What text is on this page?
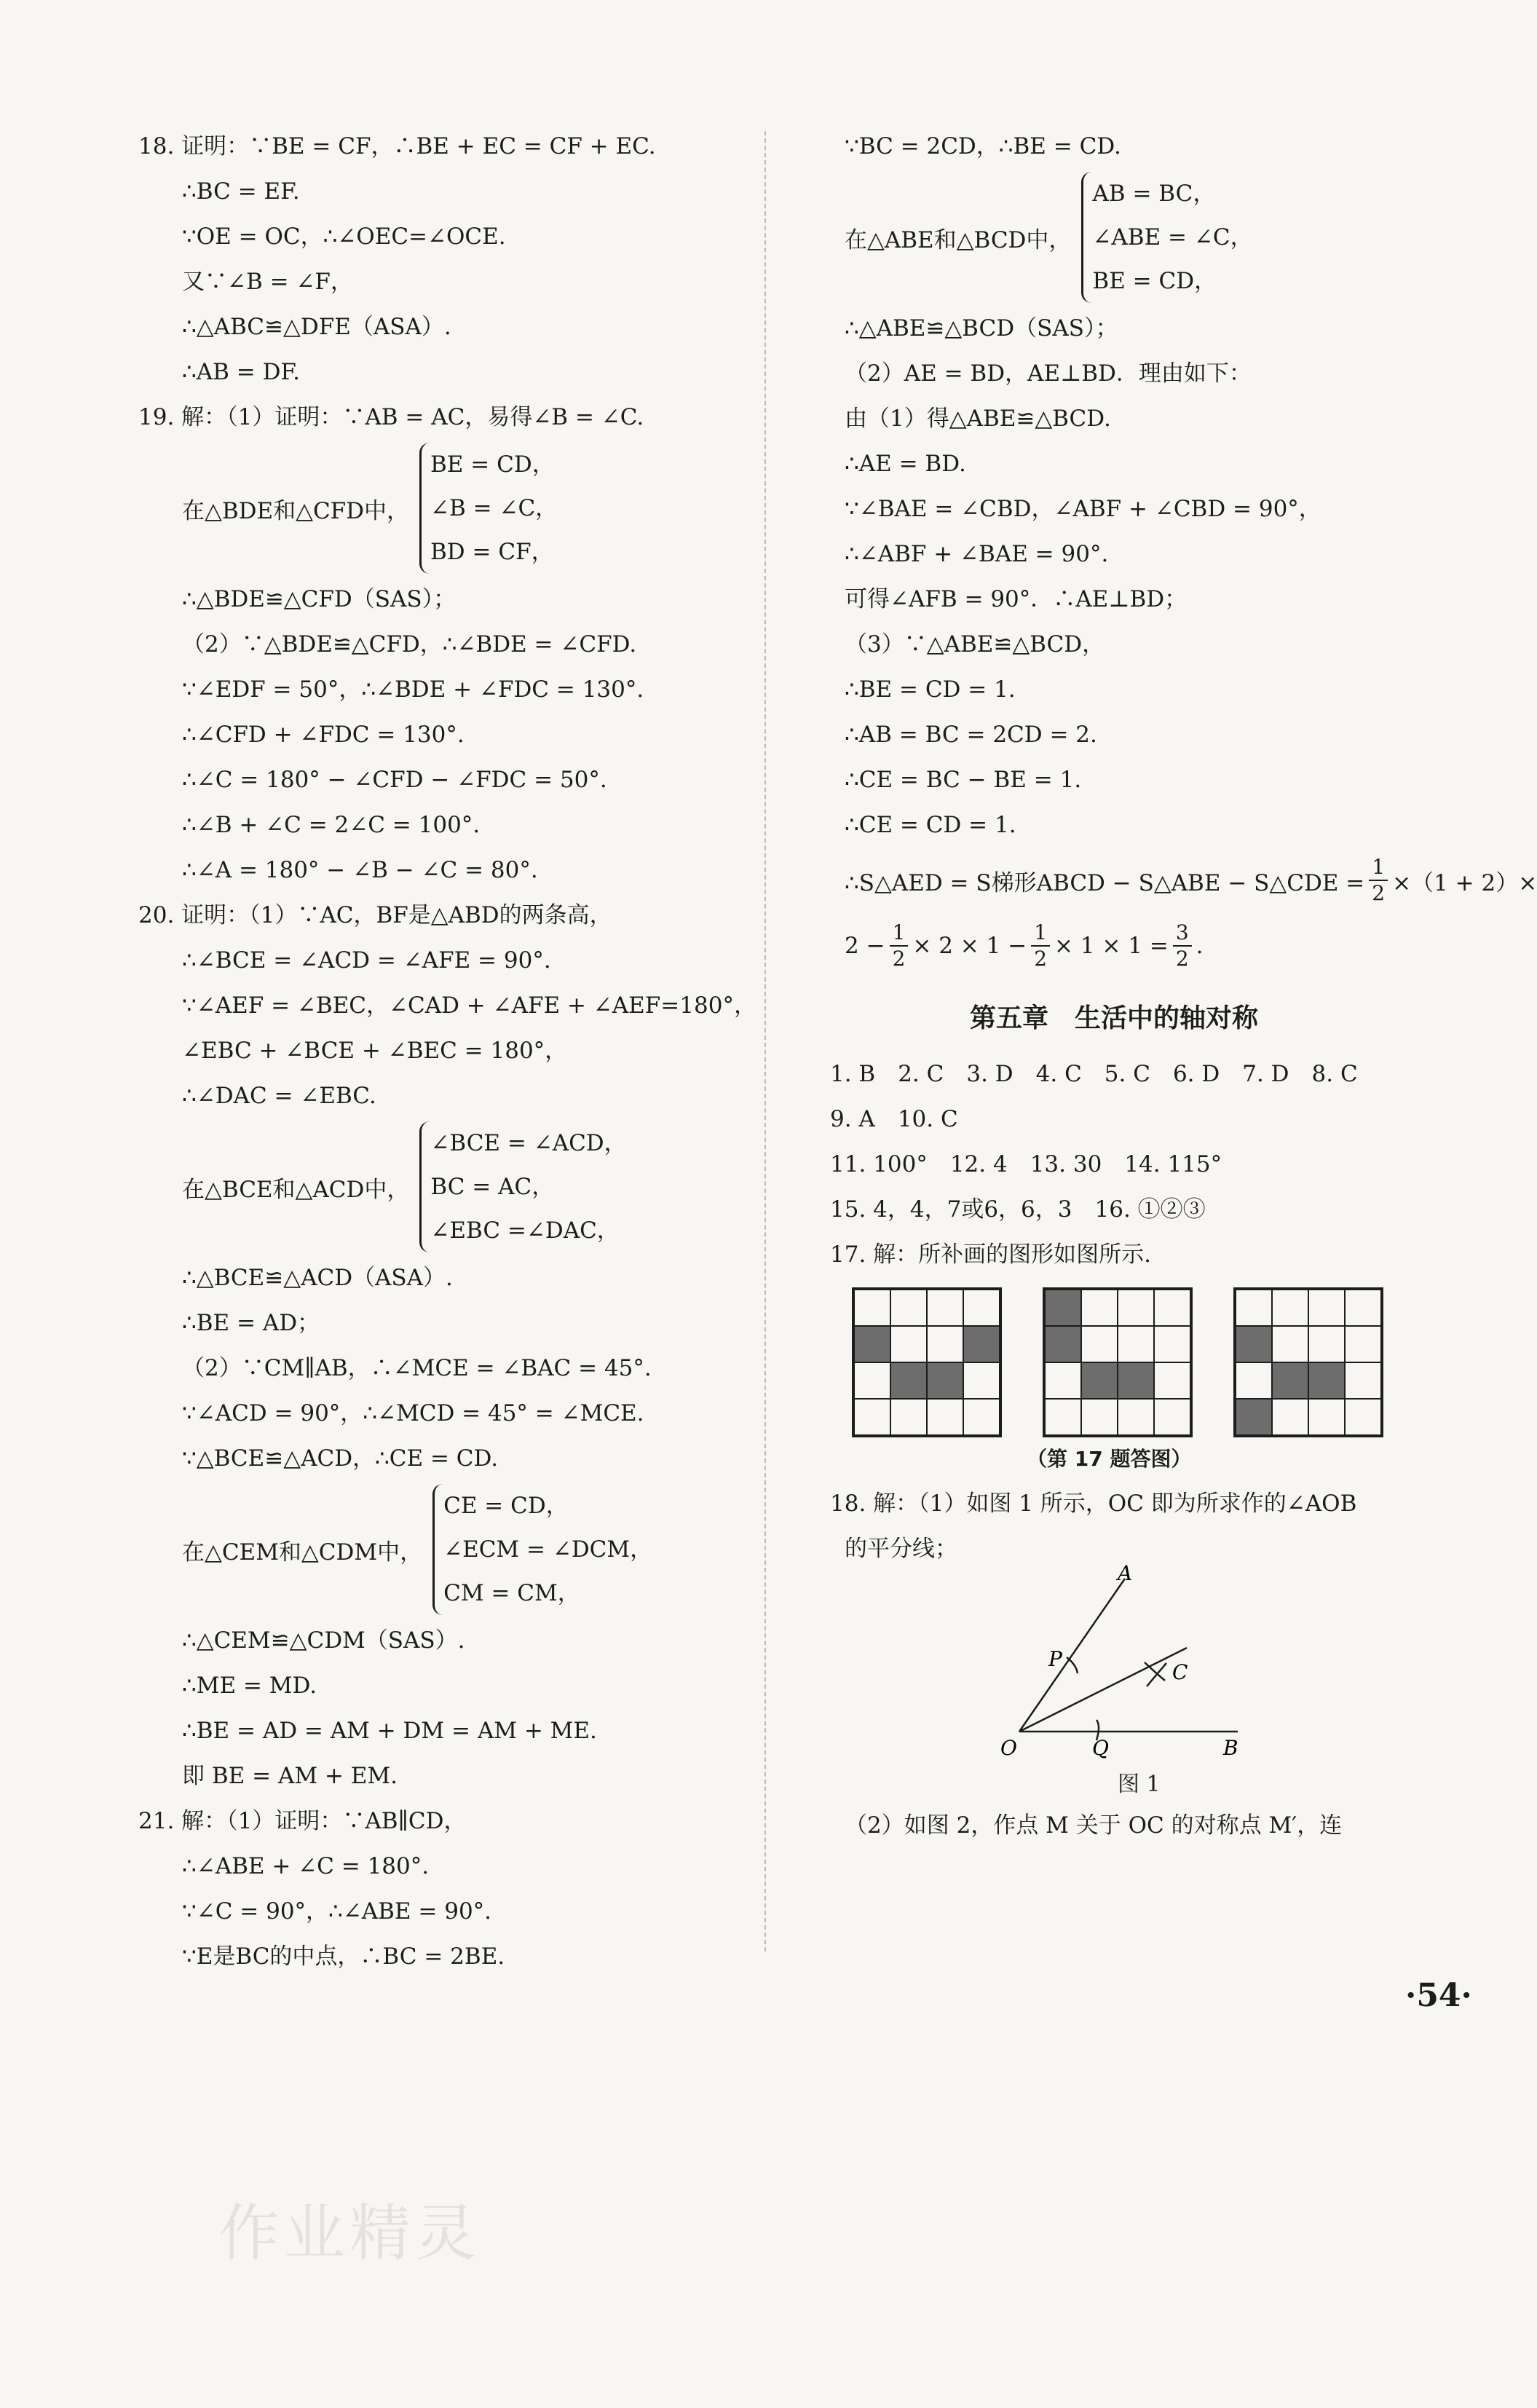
18. 证明：∵BE = CF，∴BE + EC = CF + EC.
∴BC = EF.
∵OE = OC，∴∠OEC=∠OCE.
又∵∠B = ∠F，
∴△ABC≌△DFE（ASA）.
∴AB = DF.
19. 解：（1）证明：∵AB = AC，易得∠B = ∠C.
在△BDE和△CFD中，
BE = CD，
∠B = ∠C，
BD = CF，
∴△BDE≌△CFD（SAS）；
（2）∵△BDE≌△CFD，∴∠BDE = ∠CFD.
∵∠EDF = 50°，∴∠BDE + ∠FDC = 130°.
∴∠CFD + ∠FDC = 130°.
∴∠C = 180° − ∠CFD − ∠FDC = 50°.
∴∠B + ∠C = 2∠C = 100°.
∴∠A = 180° − ∠B − ∠C = 80°.
20. 证明：（1）∵AC，BF是△ABD的两条高，
∴∠BCE = ∠ACD = ∠AFE = 90°.
∵∠AEF = ∠BEC，∠CAD + ∠AFE + ∠AEF=180°，
∠EBC + ∠BCE + ∠BEC = 180°，
∴∠DAC = ∠EBC.
在△BCE和△ACD中，
∠BCE = ∠ACD，
BC = AC，
∠EBC =∠DAC，
∴△BCE≌△ACD（ASA）.
∴BE = AD；
（2）∵CM∥AB，∴∠MCE = ∠BAC = 45°.
∵∠ACD = 90°，∴∠MCD = 45° = ∠MCE.
∵△BCE≌△ACD，∴CE = CD.
在△CEM和△CDM中，
CE = CD，
∠ECM = ∠DCM，
CM = CM，
∴△CEM≌△CDM（SAS）.
∴ME = MD.
∴BE = AD = AM + DM = AM + ME.
即 BE = AM + EM.
21. 解：（1）证明：∵AB∥CD，
∴∠ABE + ∠C = 180°.
∵∠C = 90°，∴∠ABE = 90°.
∵E是BC的中点，∴BC = 2BE.
∵BC = 2CD，∴BE = CD.
在△ABE和△BCD中，
AB = BC，
∠ABE = ∠C，
BE = CD，
∴△ABE≌△BCD（SAS）；
（2）AE = BD，AE⊥BD．理由如下：
由（1）得△ABE≌△BCD.
∴AE = BD.
∵∠BAE = ∠CBD，∠ABF + ∠CBD = 90°，
∴∠ABF + ∠BAE = 90°.
可得∠AFB = 90°．∴AE⊥BD；
（3）∵△ABE≌△BCD，
∴BE = CD = 1.
∴AB = BC = 2CD = 2.
∴CE = BC − BE = 1.
∴CE = CD = 1.
∴S△AED = S梯形ABCD − S△ABE − S△CDE = $\frac{1}{2} \times(1 + 2)\times$
$2 - \frac{1}{2} \times 2 \times 1 - \frac{1}{2} \times 1 \times 1 = \frac{3}{2}$ .
第五章　生活中的轴对称
1. B　2. C　3. D　4. C　5. C　6. D　7. D　8. C
9. A　10. C
11. 100°　12. 4　13. 30　14. 115°
15. 4，4，7或6，6，3　16. ①②③
17. 解：所补画的图形如图所示.
（第 17 题答图）
18. 解：（1）如图 1 所示，OC 即为所求作的∠AOB
的平分线；
A
P
C
O	Q	B
图 1
（2）如图 2，作点 M 关于 OC 的对称点 M′，连
·54·
作业精灵
